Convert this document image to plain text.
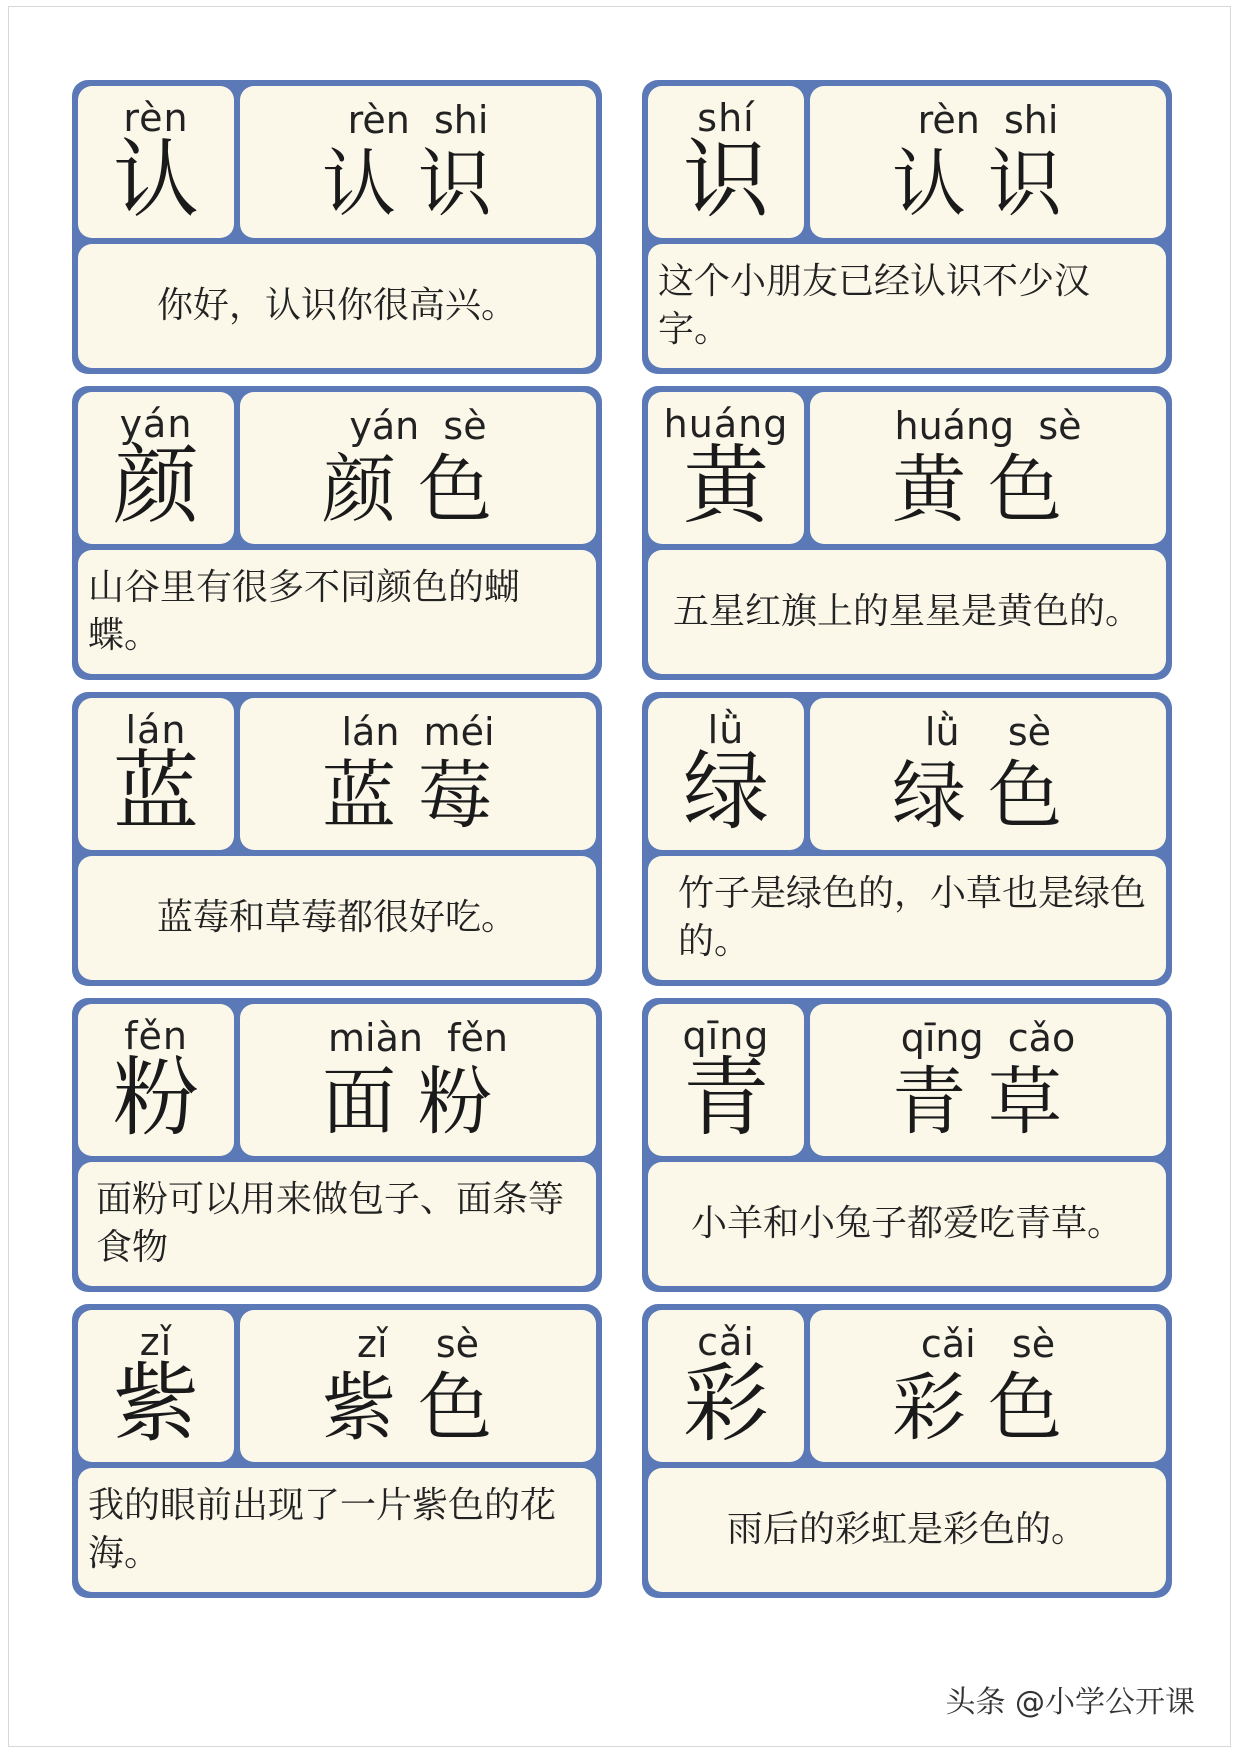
rèn
认
rèn  shi
认识
你好，认识你很高兴。
shí
识
rèn  shi
认识
这个小朋友已经认识不少汉字。
yán
颜
yán  sè
颜色
山谷里有很多不同颜色的蝴蝶。
huáng
黄
huáng  sè
黄色
五星红旗上的星星是黄色的。
lán
蓝
lán  méi
蓝莓
蓝莓和草莓都很好吃。
lǜ
绿
lǜ    sè
绿色
竹子是绿色的，小草也是绿色的。
fěn
粉
miàn  fěn
面粉
面粉可以用来做包子、面条等食物
qīng
青
qīng  cǎo
青草
小羊和小兔子都爱吃青草。
zǐ
紫
zǐ    sè
紫色
我的眼前出现了一片紫色的花海。
cǎi
彩
cǎi   sè
彩色
雨后的彩虹是彩色的。
头条 @小学公开课
